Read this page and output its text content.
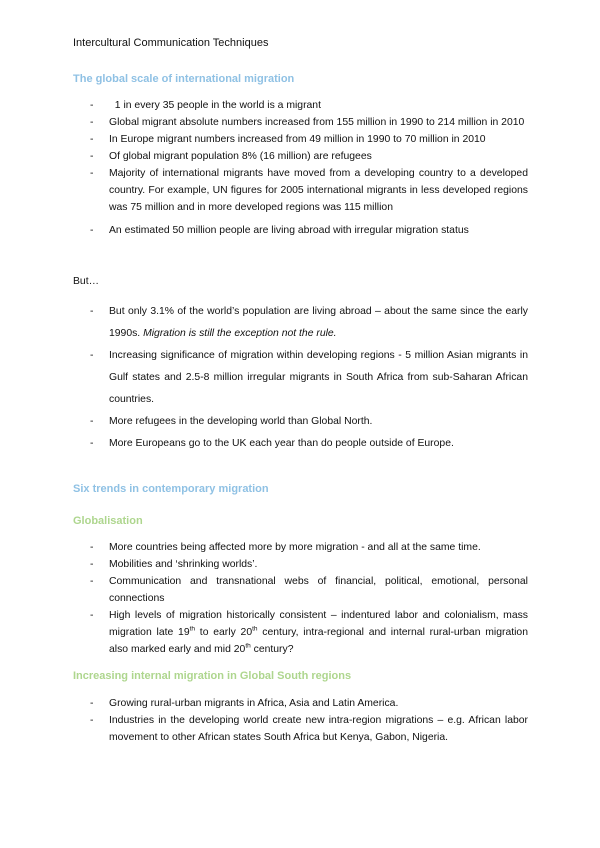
Intercultural Communication Techniques
The global scale of international migration
-   1 in every 35 people in the world is a migrant
- Global migrant absolute numbers increased from 155 million in 1990 to 214 million in 2010
- In Europe migrant numbers increased from 49 million in 1990 to 70 million in 2010
- Of global migrant population 8% (16 million) are refugees
- Majority of international migrants have moved from a developing country to a developed country. For example, UN figures for 2005 international migrants in less developed regions was 75 million and in more developed regions was 115 million
- An estimated 50 million people are living abroad with irregular migration status
But…
- But only 3.1% of the world’s population are living abroad – about the same since the early 1990s. Migration is still the exception not the rule.
- Increasing significance of migration within developing regions - 5 million Asian migrants in Gulf states and 2.5-8 million irregular migrants in South Africa from sub-Saharan African countries.
- More refugees in the developing world than Global North.
- More Europeans go to the UK each year than do people outside of Europe.
Six trends in contemporary migration
Globalisation
- More countries being affected more by more migration - and all at the same time.
- Mobilities and ‘shrinking worlds’.
- Communication and transnational webs of financial, political, emotional, personal connections
- High levels of migration historically consistent – indentured labor and colonialism, mass migration late 19th to early 20th century, intra-regional and internal rural-urban migration also marked early and mid 20th century?
Increasing internal migration in Global South regions
- Growing rural-urban migrants in Africa, Asia and Latin America.
- Industries in the developing world create new intra-region migrations – e.g. African labor movement to other African states South Africa but Kenya, Gabon, Nigeria.
